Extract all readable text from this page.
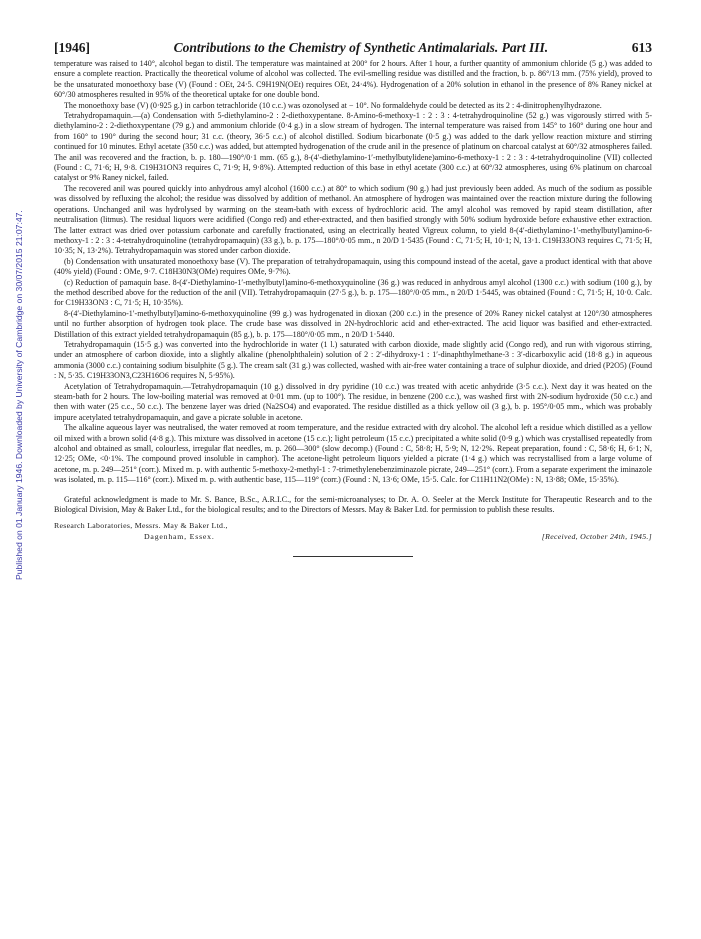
Published on 01 January 1946. Downloaded by University of Cambridge on 30/07/2015 21:07:47.
[1946]	Contributions to the Chemistry of Synthetic Antimalarials. Part III.	613

temperature was raised to 140°, alcohol began to distil. The temperature was maintained at 200° for 2 hours. After 1 hour, a further quantity of ammonium chloride (5 g.) was added to ensure a complete reaction. Practically the theoretical volume of alcohol was collected. The evil-smelling residue was distilled and the fraction, b. p. 86°/13 mm. (75% yield), proved to be the unsaturated monoethoxy base (V) (Found : OEt, 24·5. C9H19N(OEt) requires OEt, 24·4%). Hydrogenation of a 20% solution in ethanol in the presence of 8% Raney nickel at 60°/30 atmospheres resulted in 95% of the theoretical uptake for one double bond.

The monoethoxy base (V) (0·925 g.) in carbon tetrachloride (10 c.c.) was ozonolysed at − 10°. No formaldehyde could be detected as its 2 : 4-dinitrophenylhydrazone.

Tetrahydropamaquin.—(a) Condensation with 5-diethylamino-2 : 2-diethoxypentane. 8-Amino-6-methoxy-1 : 2 : 3 : 4-tetrahydroquinoline (52 g.) was vigorously stirred with 5-diethylamino-2 : 2-diethoxypentane (79 g.) and ammonium chloride (0·4 g.) in a slow stream of hydrogen. The internal temperature was raised from 145° to 160° during one hour and from 160° to 190° during the second hour; 31 c.c. (theory, 36·5 c.c.) of alcohol distilled. Sodium bicarbonate (0·5 g.) was added to the dark yellow reaction mixture and stirring continued for 10 minutes. Ethyl acetate (350 c.c.) was added, but attempted hydrogenation of the crude anil in the presence of platinum on charcoal catalyst at 60°/32 atmospheres failed. The anil was recovered and the fraction, b. p. 180—190°/0·1 mm. (65 g.), 8-(4′-diethylamino-1′-methylbutylidene)amino-6-methoxy-1 : 2 : 3 : 4-tetrahydroquinoline (VII) collected (Found : C, 71·6; H, 9·8. C19H31ON3 requires C, 71·9; H, 9·8%). Attempted reduction of this base in ethyl acetate (300 c.c.) at 60°/32 atmospheres, using 6% platinum on charcoal catalyst or 9% Raney nickel, failed.

The recovered anil was poured quickly into anhydrous amyl alcohol (1600 c.c.) at 80° to which sodium (90 g.) had just previously been added. As much of the sodium as possible was dissolved by refluxing the alcohol; the residue was dissolved by addition of methanol. An atmosphere of hydrogen was maintained over the reaction mixture during the following operations. Unchanged anil was hydrolysed by warming on the steam-bath with excess of hydrochloric acid. The amyl alcohol was removed by rapid steam distillation, after neutralisation (litmus). The residual liquors were acidified (Congo red) and ether-extracted, and then basified strongly with 50% sodium hydroxide before exhaustive ether extraction. The latter extract was dried over potassium carbonate and carefully fractionated, using an electrically heated Vigreux column, to yield 8-(4′-diethylamino-1′-methylbutyl)amino-6-methoxy-1 : 2 : 3 : 4-tetrahydroquinoline (tetrahydropamaquin) (33 g.), b. p. 175—180°/0·05 mm., n 20/D 1·5435 (Found : C, 71·5; H, 10·1; N, 13·1. C19H33ON3 requires C, 71·5; H, 10·35; N, 13·2%). Tetrahydropamaquin was stored under carbon dioxide.

(b) Condensation with unsaturated monoethoxy base (V). The preparation of tetrahydropamaquin, using this compound instead of the acetal, gave a product identical with that above (40% yield) (Found : OMe, 9·7. C18H30N3(OMe) requires OMe, 9·7%).

(c) Reduction of pamaquin base. 8-(4′-Diethylamino-1′-methylbutyl)amino-6-methoxyquinoline (36 g.) was reduced in anhydrous amyl alcohol (1300 c.c.) with sodium (100 g.), by the method described above for the reduction of the anil (VII). Tetrahydropamaquin (27·5 g.), b. p. 175—180°/0·05 mm., n 20/D 1·5445, was obtained (Found : C, 71·5; H, 10·0. Calc. for C19H33ON3 : C, 71·5; H, 10·35%).

8-(4′-Diethylamino-1′-methylbutyl)amino-6-methoxyquinoline (99 g.) was hydrogenated in dioxan (200 c.c.) in the presence of 20% Raney nickel catalyst at 120°/30 atmospheres until no further absorption of hydrogen took place. The crude base was dissolved in 2N-hydrochloric acid and ether-extracted. The acid liquor was basified and ether-extracted. Distillation of this extract yielded tetrahydropamaquin (85 g.), b. p. 175—180°/0·05 mm., n 20/D 1·5440.

Tetrahydropamaquin (15·5 g.) was converted into the hydrochloride in water (1 l.) saturated with carbon dioxide, made slightly acid (Congo red), and run with vigorous stirring, under an atmosphere of carbon dioxide, into a slightly alkaline (phenolphthalein) solution of 2 : 2′-dihydroxy-1 : 1′-dinaphthylmethane-3 : 3′-dicarboxylic acid (18·8 g.) in aqueous ammonia (3000 c.c.) containing sodium bisulphite (5 g.). The cream salt (31 g.) was collected, washed with air-free water containing a trace of sulphur dioxide, and dried (P2O5) (Found : N, 5·35. C19H33ON3,C23H16O6 requires N, 5·95%).

Acetylation of Tetrahydropamaquin.—Tetrahydropamaquin (10 g.) dissolved in dry pyridine (10 c.c.) was treated with acetic anhydride (3·5 c.c.). Next day it was heated on the steam-bath for 2 hours. The low-boiling material was removed at 0·01 mm. (up to 100°). The residue, in benzene (200 c.c.), was washed first with 2N-sodium hydroxide (50 c.c.) and then with water (25 c.c., 50 c.c.). The benzene layer was dried (Na2SO4) and evaporated. The residue distilled as a thick yellow oil (3 g.), b. p. 195°/0·05 mm., which was probably impure acetylated tetrahydropamaquin, and gave a picrate soluble in acetone.

The alkaline aqueous layer was neutralised, the water removed at room temperature, and the residue extracted with dry alcohol. The alcohol left a residue which distilled as a yellow oil mixed with a brown solid (4·8 g.). This mixture was dissolved in acetone (15 c.c.); light petroleum (15 c.c.) precipitated a white solid (0·9 g.) which was crystallised repeatedly from alcohol and obtained as small, colourless, irregular flat needles, m. p. 260—300° (slow decomp.) (Found : C, 58·8; H, 5·9; N, 12·2%. Repeat preparation, found : C, 58·6; H, 6·1; N, 12·25; OMe, <0·1%. The compound proved insoluble in camphor). The acetone-light petroleum liquors yielded a picrate (1·4 g.) which was recrystallised from a large volume of acetone, m. p. 249—251° (corr.). Mixed m. p. with authentic 5-methoxy-2-methyl-1 : 7-trimethylenebenziminazole picrate, 249—251° (corr.). From a separate experiment the iminazole was isolated, m. p. 115—116° (corr.). Mixed m. p. with authentic base, 115—119° (corr.) (Found : N, 13·6; OMe, 15·5. Calc. for C11H11N2(OMe) : N, 13·88; OMe, 15·35%).

Grateful acknowledgment is made to Mr. S. Bance, B.Sc., A.R.I.C., for the semi-microanalyses; to Dr. A. O. Seeler at the Merck Institute for Therapeutic Research and to the Biological Division, May & Baker Ltd., for the biological results; and to the Directors of Messrs. May & Baker Ltd. for permission to publish these results.

Research Laboratories, Messrs. May & Baker Ltd.,
Dagenham, Essex.	[Received, October 24th, 1945.]
